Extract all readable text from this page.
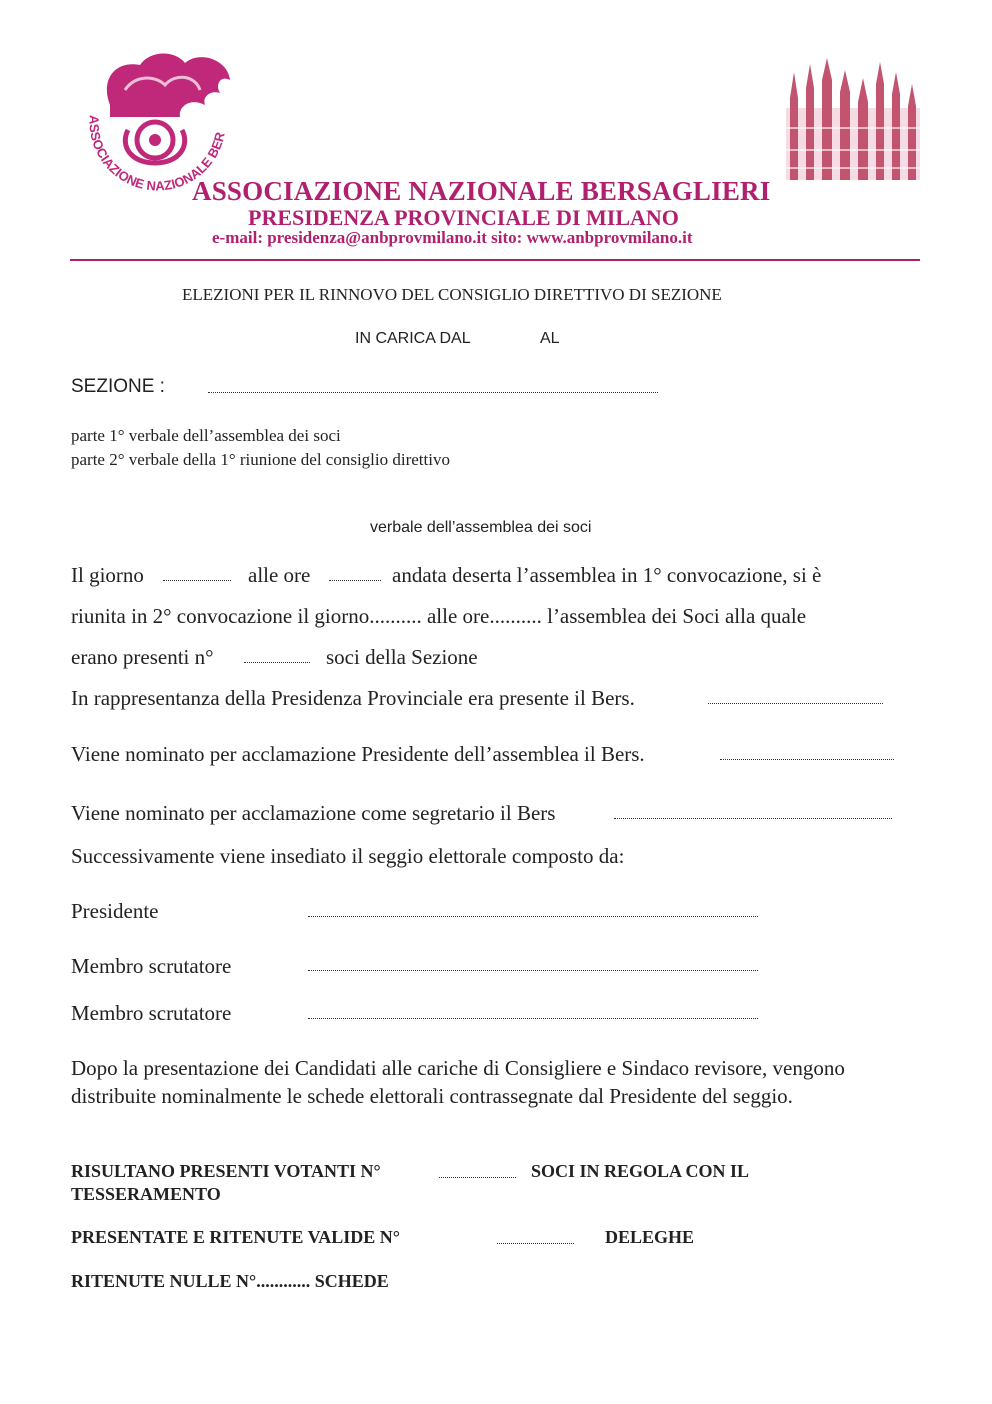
ASSOCIAZIONE NAZIONALE BER
ASSOCIAZIONE NAZIONALE BERSAGLIERI
PRESIDENZA PROVINCIALE DI MILANO
e-mail: presidenza@anbprovmilano.it sito: www.anbprovmilano.it
ELEZIONI PER IL RINNOVO DEL CONSIGLIO DIRETTIVO DI SEZIONE
IN CARICA DAL	AL
SEZIONE :
parte 1° verbale dell’assemblea dei soci
parte 2° verbale della 1° riunione del consiglio direttivo
verbale dell’assemblea dei soci
Il giorno	alle ore	andata deserta l’assemblea in 1° convocazione, si è
riunita in 2° convocazione il giorno.......... alle ore.......... l’assemblea dei Soci alla quale
erano presenti n°	soci della Sezione
In rappresentanza della Presidenza Provinciale era presente il Bers.
Viene nominato per acclamazione Presidente dell’assemblea il Bers.
Viene nominato per acclamazione come segretario il Bers
Successivamente viene insediato il seggio elettorale composto da:
Presidente
Membro scrutatore
Membro scrutatore
Dopo la presentazione dei Candidati alle cariche di Consigliere e Sindaco revisore, vengono distribuite nominalmente le schede elettorali contrassegnate dal Presidente del seggio.
RISULTANO PRESENTI VOTANTI N°	SOCI IN REGOLA CON IL
TESSERAMENTO
PRESENTATE E RITENUTE VALIDE N°	DELEGHE
RITENUTE NULLE N°............ SCHEDE
